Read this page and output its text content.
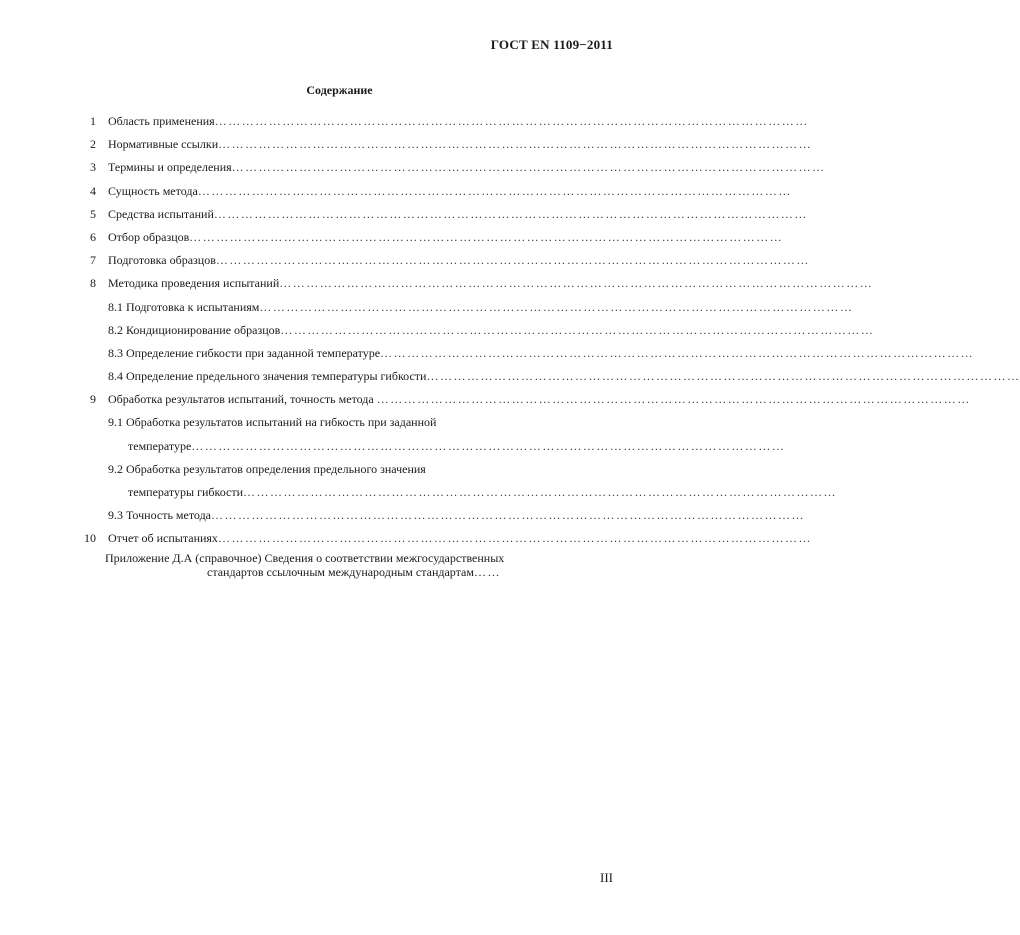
ГОСТ EN 1109−2011
Содержание
1 Область применения……………………………………………………………………………………………………………………
2 Нормативные ссылки……………………………………………………………………………………………………………………
3 Термины и определения……………………………………………………………………………………………………………………
4 Сущность метода……………………………………………………………………………………………………………………
5 Средства испытаний……………………………………………………………………………………………………………………
6 Отбор образцов……………………………………………………………………………………………………………………
7 Подготовка образцов……………………………………………………………………………………………………………………
8 Методика проведения испытаний……………………………………………………………………………………………………………………
8.1 Подготовка к испытаниям……………………………………………………………………………………………………………………
8.2 Кондиционирование образцов……………………………………………………………………………………………………………………
8.3 Определение гибкости при заданной температуре……………………………………………………………………………………………………………………
8.4 Определение предельного значения температуры гибкости……………………………………………………………………………………………………………………
9 Обработка результатов испытаний, точность метода ……………………………………………………………………………………………………………………
9.1 Обработка результатов испытаний на гибкость при заданной
температуре……………………………………………………………………………………………………………………
9.2 Обработка результатов определения предельного значения
температуры гибкости……………………………………………………………………………………………………………………
9.3 Точность метода……………………………………………………………………………………………………………………
10 Отчет об испытаниях……………………………………………………………………………………………………………………
Приложение Д.А (справочное) Сведения о соответствии межгосударственных
стандартов ссылочным международным стандартам……
III
